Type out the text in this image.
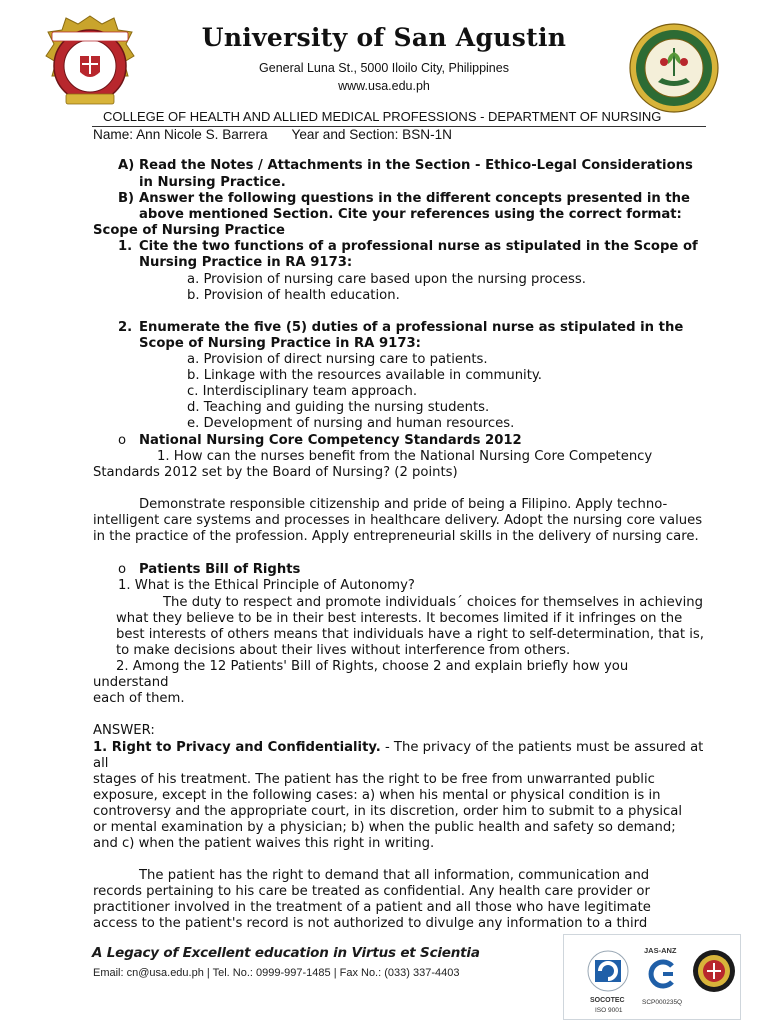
University of San Agustin
General Luna St., 5000 Iloilo City, Philippines
www.usa.edu.ph
COLLEGE OF HEALTH AND ALLIED MEDICAL PROFESSIONS - DEPARTMENT OF NURSING
Name: Ann Nicole S. Barrera Year and Section: BSN-1N
A) Read the Notes / Attachments in the Section - Ethico-Legal Considerations
in Nursing Practice.
B) Answer the following questions in the different concepts presented in the
above mentioned Section. Cite your references using the correct format:
Scope of Nursing Practice
1. Cite the two functions of a professional nurse as stipulated in the Scope of
Nursing Practice in RA 9173:
a. Provision of nursing care based upon the nursing process.
b. Provision of health education.
2. Enumerate the five (5) duties of a professional nurse as stipulated in the
Scope of Nursing Practice in RA 9173:
a. Provision of direct nursing care to patients.
b. Linkage with the resources available in community.
c. Interdisciplinary team approach.
d. Teaching and guiding the nursing students.
e. Development of nursing and human resources.
o National Nursing Core Competency Standards 2012
1. How can the nurses benefit from the National Nursing Core Competency
Standards 2012 set by the Board of Nursing? (2 points)
Demonstrate responsible citizenship and pride of being a Filipino. Apply techno-
intelligent care systems and processes in healthcare delivery. Adopt the nursing core values
in the practice of the profession. Apply entrepreneurial skills in the delivery of nursing care.
o Patients Bill of Rights
1. What is the Ethical Principle of Autonomy?
The duty to respect and promote individuals´ choices for themselves in achieving
what they believe to be in their best interests. It becomes limited if it infringes on the
best interests of others means that individuals have a right to self-determination, that is,
to make decisions about their lives without interference from others.
2. Among the 12 Patients' Bill of Rights, choose 2 and explain briefly how you
understand
each of them.
ANSWER:
1. Right to Privacy and Confidentiality. - The privacy of the patients must be assured at
all
stages of his treatment. The patient has the right to be free from unwarranted public
exposure, except in the following cases: a) when his mental or physical condition is in
controversy and the appropriate court, in its discretion, order him to submit to a physical
or mental examination by a physician; b) when the public health and safety so demand;
and c) when the patient waives this right in writing.
The patient has the right to demand that all information, communication and
records pertaining to his care be treated as confidential. Any health care provider or
practitioner involved in the treatment of a patient and all those who have legitimate
access to the patient's record is not authorized to divulge any information to a third
A Legacy of Excellent education in Virtus et Scientia
Email: cn@usa.edu.ph | Tel. No.: 0999-997-1485 | Fax No.: (033) 337-4403
SOCOTEC
ISO 9001
JAS-ANZ
SCP000235Q
